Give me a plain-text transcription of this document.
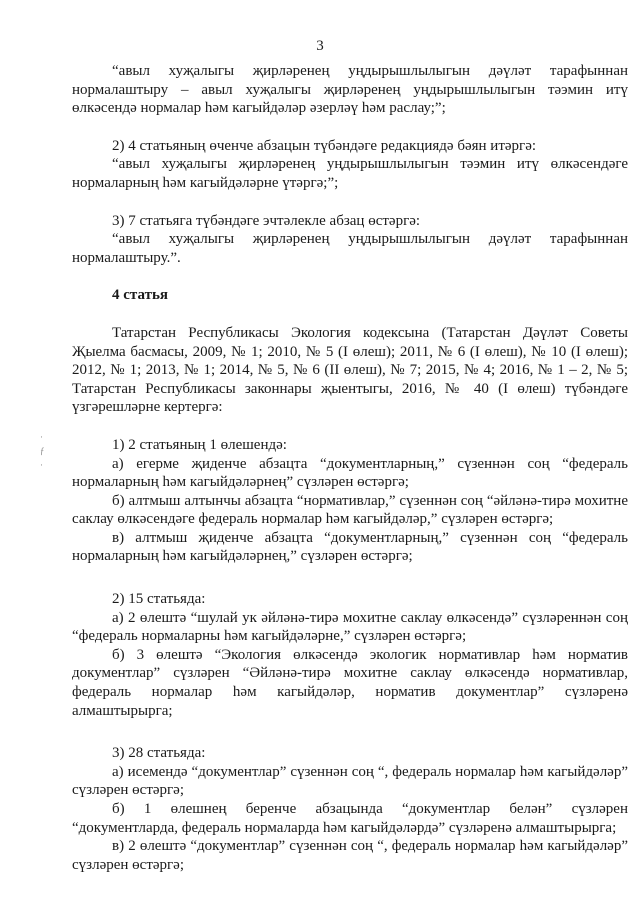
3
·
ƒ
·

“авыл хуҗалыгы җирләренең уңдырышлылыгын дәүләт тарафыннан нормалаштыру – авыл хуҗалыгы җирләренең уңдырышлылыгын тәэмин итү өлкәсендә нормалар һәм кагыйдәләр әзерләү һәм раслау;”;

2) 4 статьяның өченче абзацын түбәндәге редакциядә бәян итәргә:

“авыл хуҗалыгы җирләренең уңдырышлылыгын тәэмин итү өлкәсендәге нормаларның һәм кагыйдәләрне үтәргә;”;

3) 7 статьяга түбәндәге эчтәлекле абзац өстәргә:

“авыл хуҗалыгы җирләренең уңдырышлылыгын дәүләт тарафыннан нормалаштыру.”.

4 статья

Татарстан Республикасы Экология кодексына (Татарстан Дәүләт Советы Җыелма басмасы, 2009, № 1; 2010, № 5 (I өлеш); 2011, № 6 (I өлеш), № 10 (I өлеш); 2012, № 1; 2013, № 1; 2014, № 5, № 6 (II өлеш), № 7; 2015, № 4; 2016, № 1 – 2, № 5; Татарстан Республикасы законнары җыентыгы, 2016, № 40 (I өлеш) түбәндәге үзгәрешләрне кертергә:

1) 2 статьяның 1 өлешендә:

а) егерме җиденче абзацта “документларның,” сүзеннән соң “федераль нормаларның һәм кагыйдәләрнең” сүзләрен өстәргә;

б) алтмыш алтынчы абзацта “нормативлар,” сүзеннән соң “әйләнә-тирә мохитне саклау өлкәсендәге федераль нормалар һәм кагыйдәләр,” сүзләрен өстәргә;

в) алтмыш җиденче абзацта “документларның,” сүзеннән соң “федераль нормаларның һәм кагыйдәләрнең,” сүзләрен өстәргә;

2) 15 статьяда:

а) 2 өлештә “шулай ук әйләнә-тирә мохитне саклау өлкәсендә” сүзләреннән соң “федераль нормаларны һәм кагыйдәләрне,” сүзләрен өстәргә;

б) 3 өлештә “Экология өлкәсендә экологик нормативлар һәм норматив документлар” сүзләрен “Әйләнә-тирә мохитне саклау өлкәсендә нормативлар, федераль нормалар һәм кагыйдәләр, норматив документлар” сүзләренә алмаштырырга;

3) 28 статьяда:

а) исемендә “документлар” сүзеннән соң “, федераль нормалар һәм кагыйдәләр” сүзләрен өстәргә;

б) 1 өлешнең беренче абзацында “документлар белән” сүзләрен “документларда, федераль нормаларда һәм кагыйдәләрдә” сүзләренә алмаштырырга;

в) 2 өлештә “документлар” сүзеннән соң “, федераль нормалар һәм кагыйдәләр” сүзләрен өстәргә;
